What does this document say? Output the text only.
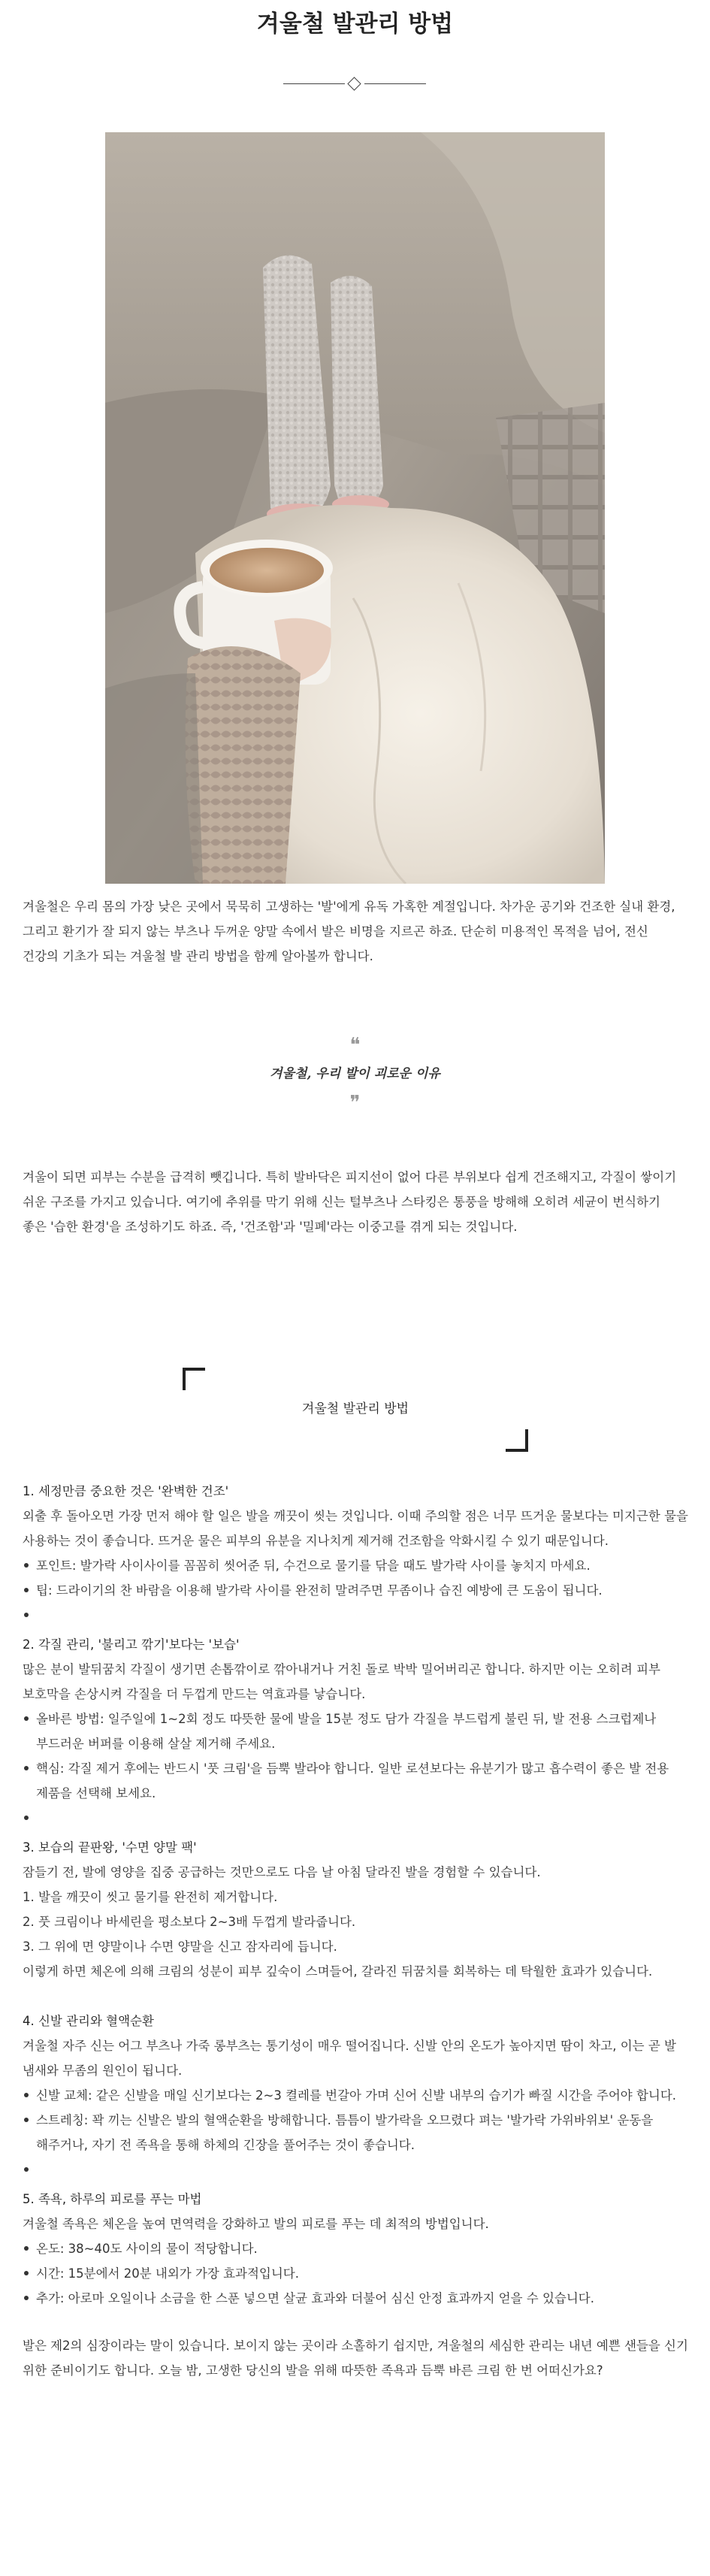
겨울철 발관리 방법

겨울철은 우리 몸의 가장 낮은 곳에서 묵묵히 고생하는 '발'에게 유독 가혹한 계절입니다. 차가운 공기와 건조한 실내 환경, 그리고 환기가 잘 되지 않는 부츠나 두꺼운 양말 속에서 발은 비명을 지르곤 하죠. 단순히 미용적인 목적을 넘어, 전신 건강의 기초가 되는 겨울철 발 관리 방법을 함께 알아볼까 합니다.

❝
겨울철, 우리 발이 괴로운 이유
❞

겨울이 되면 피부는 수분을 급격히 뺏깁니다. 특히 발바닥은 피지선이 없어 다른 부위보다 쉽게 건조해지고, 각질이 쌓이기 쉬운 구조를 가지고 있습니다. 여기에 추위를 막기 위해 신는 털부츠나 스타킹은 통풍을 방해해 오히려 세균이 번식하기 좋은 '습한 환경'을 조성하기도 하죠. 즉, '건조함'과 '밀폐'라는 이중고를 겪게 되는 것입니다.

겨울철 발관리 방법
1. 세정만큼 중요한 것은 '완벽한 건조'
외출 후 돌아오면 가장 먼저 해야 할 일은 발을 깨끗이 씻는 것입니다. 이때 주의할 점은 너무 뜨거운 물보다는 미지근한 물을 사용하는 것이 좋습니다. 뜨거운 물은 피부의 유분을 지나치게 제거해 건조함을 악화시킬 수 있기 때문입니다.
포인트: 발가락 사이사이를 꼼꼼히 씻어준 뒤, 수건으로 물기를 닦을 때도 발가락 사이를 놓치지 마세요.
팁: 드라이기의 찬 바람을 이용해 발가락 사이를 완전히 말려주면 무좀이나 습진 예방에 큰 도움이 됩니다.
2. 각질 관리, '불리고 깎기'보다는 '보습'
많은 분이 발뒤꿈치 각질이 생기면 손톱깎이로 깎아내거나 거친 돌로 박박 밀어버리곤 합니다. 하지만 이는 오히려 피부 보호막을 손상시켜 각질을 더 두껍게 만드는 역효과를 낳습니다.
올바른 방법: 일주일에 1~2회 정도 따뜻한 물에 발을 15분 정도 담가 각질을 부드럽게 불린 뒤, 발 전용 스크럽제나 부드러운 버퍼를 이용해 살살 제거해 주세요.
핵심: 각질 제거 후에는 반드시 '풋 크림'을 듬뿍 발라야 합니다. 일반 로션보다는 유분기가 많고 흡수력이 좋은 발 전용 제품을 선택해 보세요.
3. 보습의 끝판왕, '수면 양말 팩'
잠들기 전, 발에 영양을 집중 공급하는 것만으로도 다음 날 아침 달라진 발을 경험할 수 있습니다.
1. 발을 깨끗이 씻고 물기를 완전히 제거합니다.
2. 풋 크림이나 바세린을 평소보다 2~3배 두껍게 발라줍니다.
3. 그 위에 면 양말이나 수면 양말을 신고 잠자리에 듭니다.
이렇게 하면 체온에 의해 크림의 성분이 피부 깊숙이 스며들어, 갈라진 뒤꿈치를 회복하는 데 탁월한 효과가 있습니다.
4. 신발 관리와 혈액순환
겨울철 자주 신는 어그 부츠나 가죽 롱부츠는 통기성이 매우 떨어집니다. 신발 안의 온도가 높아지면 땀이 차고, 이는 곧 발 냄새와 무좀의 원인이 됩니다.
신발 교체: 같은 신발을 매일 신기보다는 2~3 켤레를 번갈아 가며 신어 신발 내부의 습기가 빠질 시간을 주어야 합니다.
스트레칭: 꽉 끼는 신발은 발의 혈액순환을 방해합니다. 틈틈이 발가락을 오므렸다 펴는 '발가락 가위바위보' 운동을 해주거나, 자기 전 족욕을 통해 하체의 긴장을 풀어주는 것이 좋습니다.
5. 족욕, 하루의 피로를 푸는 마법
겨울철 족욕은 체온을 높여 면역력을 강화하고 발의 피로를 푸는 데 최적의 방법입니다.
온도: 38~40도 사이의 물이 적당합니다.
시간: 15분에서 20분 내외가 가장 효과적입니다.
추가: 아로마 오일이나 소금을 한 스푼 넣으면 살균 효과와 더불어 심신 안정 효과까지 얻을 수 있습니다.

발은 제2의 심장이라는 말이 있습니다. 보이지 않는 곳이라 소홀하기 쉽지만, 겨울철의 세심한 관리는 내년 예쁜 샌들을 신기 위한 준비이기도 합니다. 오늘 밤, 고생한 당신의 발을 위해 따뜻한 족욕과 듬뿍 바른 크림 한 번 어떠신가요?
